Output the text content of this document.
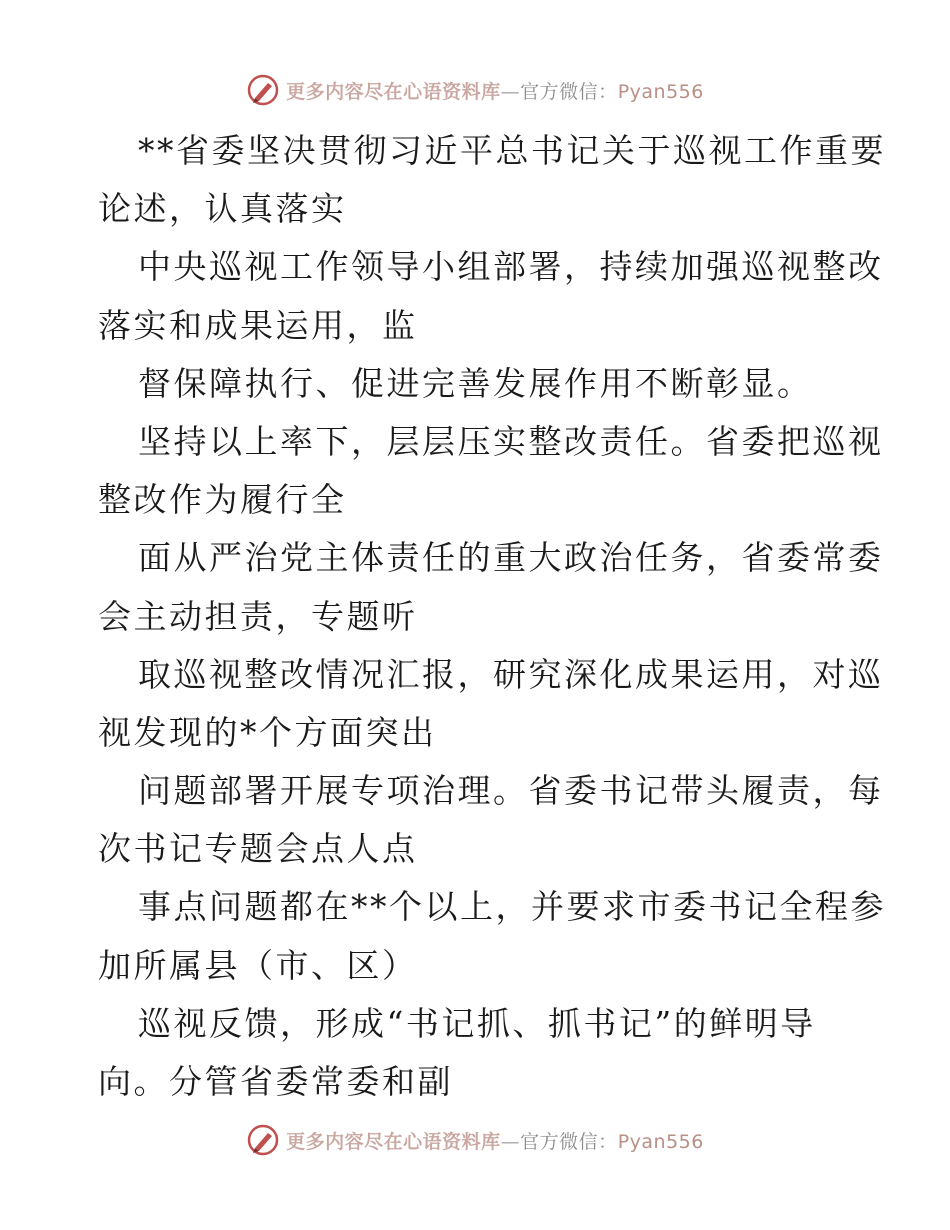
更多内容尽在心语资料库—官方微信：Pyan556

**省委坚决贯彻习近平总书记关于巡视工作重要

论述，认真落实

中央巡视工作领导小组部署，持续加强巡视整改

落实和成果运用，监

督保障执行、促进完善发展作用不断彰显。

坚持以上率下，层层压实整改责任。省委把巡视

整改作为履行全

面从严治党主体责任的重大政治任务，省委常委

会主动担责，专题听

取巡视整改情况汇报，研究深化成果运用，对巡

视发现的*个方面突出

问题部署开展专项治理。省委书记带头履责，每

次书记专题会点人点

事点问题都在**个以上，并要求市委书记全程参

加所属县（市、区）

巡视反馈，形成“书记抓、抓书记”的鲜明导

向。分管省委常委和副

更多内容尽在心语资料库—官方微信：Pyan556
